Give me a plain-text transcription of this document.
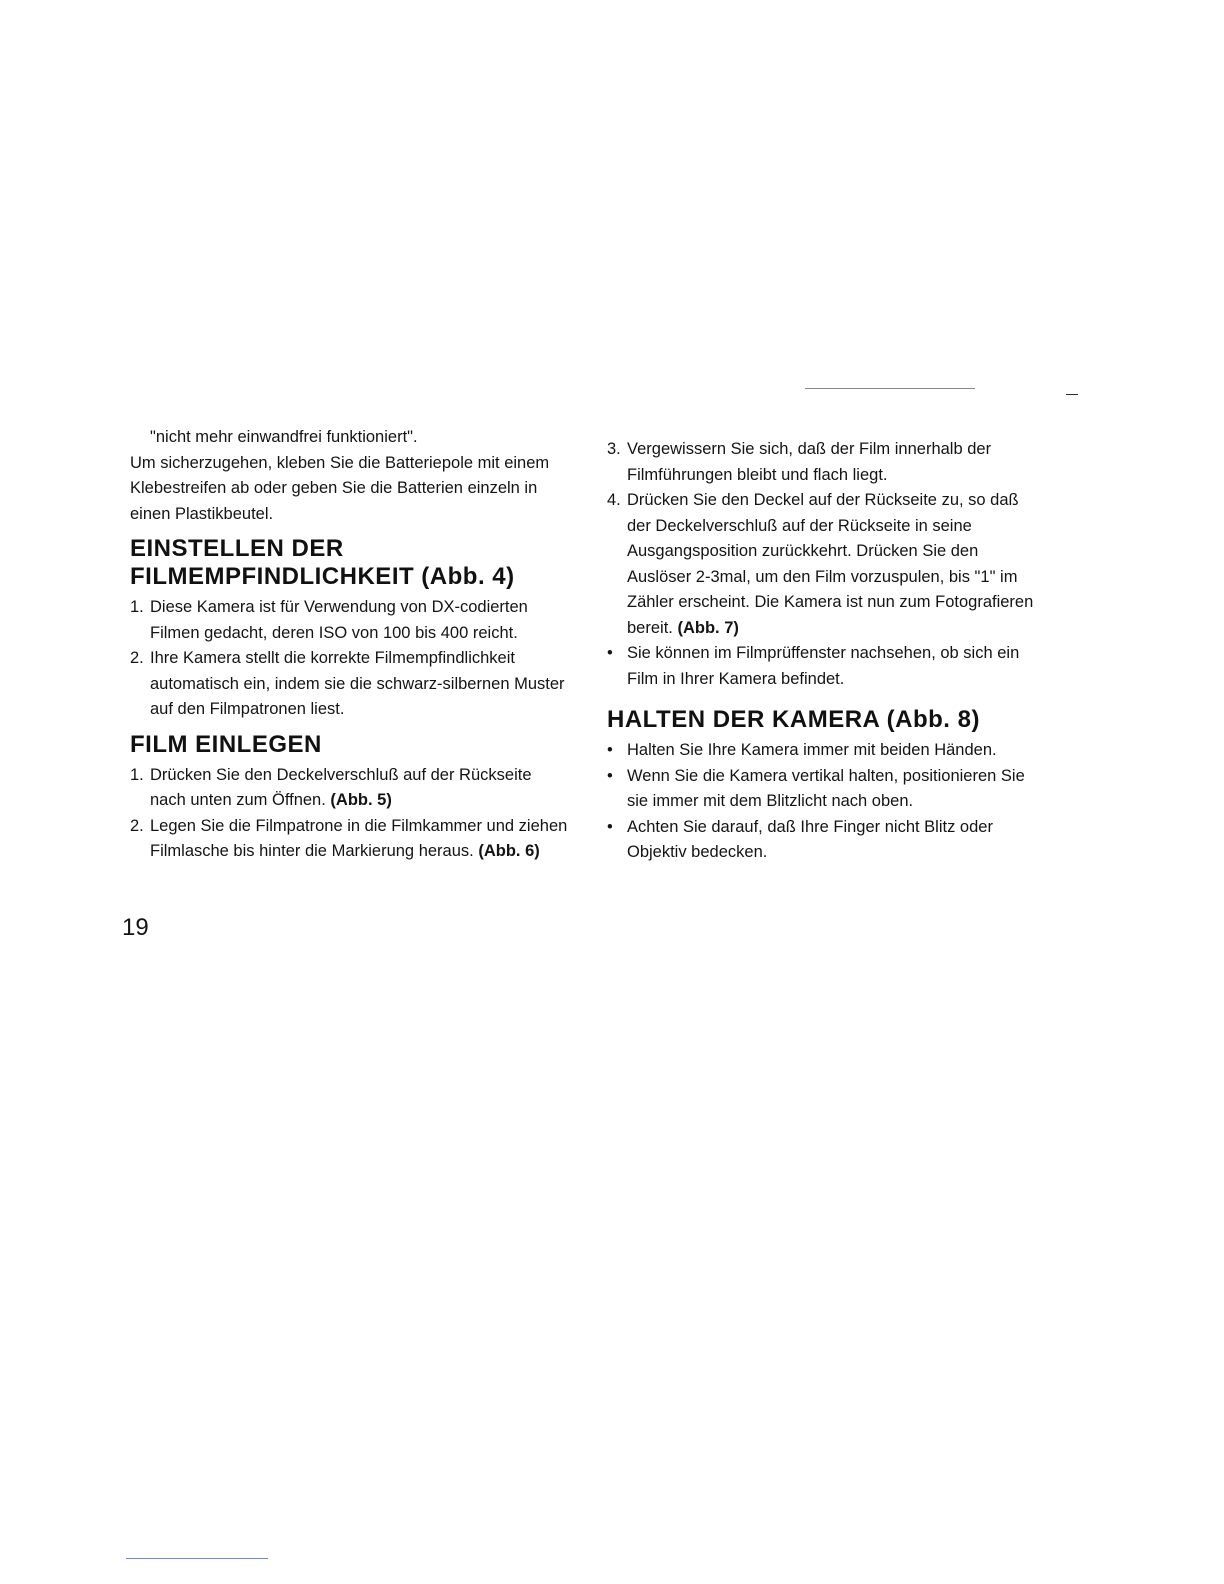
"nicht mehr einwandfrei funktioniert".

Um sicherzugehen, kleben Sie die Batteriepole mit einem Klebestreifen ab oder geben Sie die Batterien einzeln in einen Plastikbeutel.

EINSTELLEN DER
FILMEMPFINDLICHKEIT (Abb. 4)
1. Diese Kamera ist für Verwendung von DX-codierten Filmen gedacht, deren ISO von 100 bis 400 reicht.
2. Ihre Kamera stellt die korrekte Filmempfindlichkeit automatisch ein, indem sie die schwarz-silbernen Muster auf den Filmpatronen liest.
FILM EINLEGEN
1. Drücken Sie den Deckelverschluß auf der Rückseite nach unten zum Öffnen. (Abb. 5)
2. Legen Sie die Filmpatrone in die Filmkammer und ziehen Filmlasche bis hinter die Markierung heraus. (Abb. 6)
19
3. Vergewissern Sie sich, daß der Film innerhalb der Filmführungen bleibt und flach liegt.
4. Drücken Sie den Deckel auf der Rückseite zu, so daß der Deckelverschluß auf der Rückseite in seine Ausgangsposition zurückkehrt. Drücken Sie den Auslöser 2-3mal, um den Film vorzuspulen, bis "1" im Zähler erscheint. Die Kamera ist nun zum Fotografieren bereit. (Abb. 7)
• Sie können im Filmprüffenster nachsehen, ob sich ein Film in Ihrer Kamera befindet.
HALTEN DER KAMERA (Abb. 8)
• Halten Sie Ihre Kamera immer mit beiden Händen.
• Wenn Sie die Kamera vertikal halten, positionieren Sie sie immer mit dem Blitzlicht nach oben.
• Achten Sie darauf, daß Ihre Finger nicht Blitz oder Objektiv bedecken.
